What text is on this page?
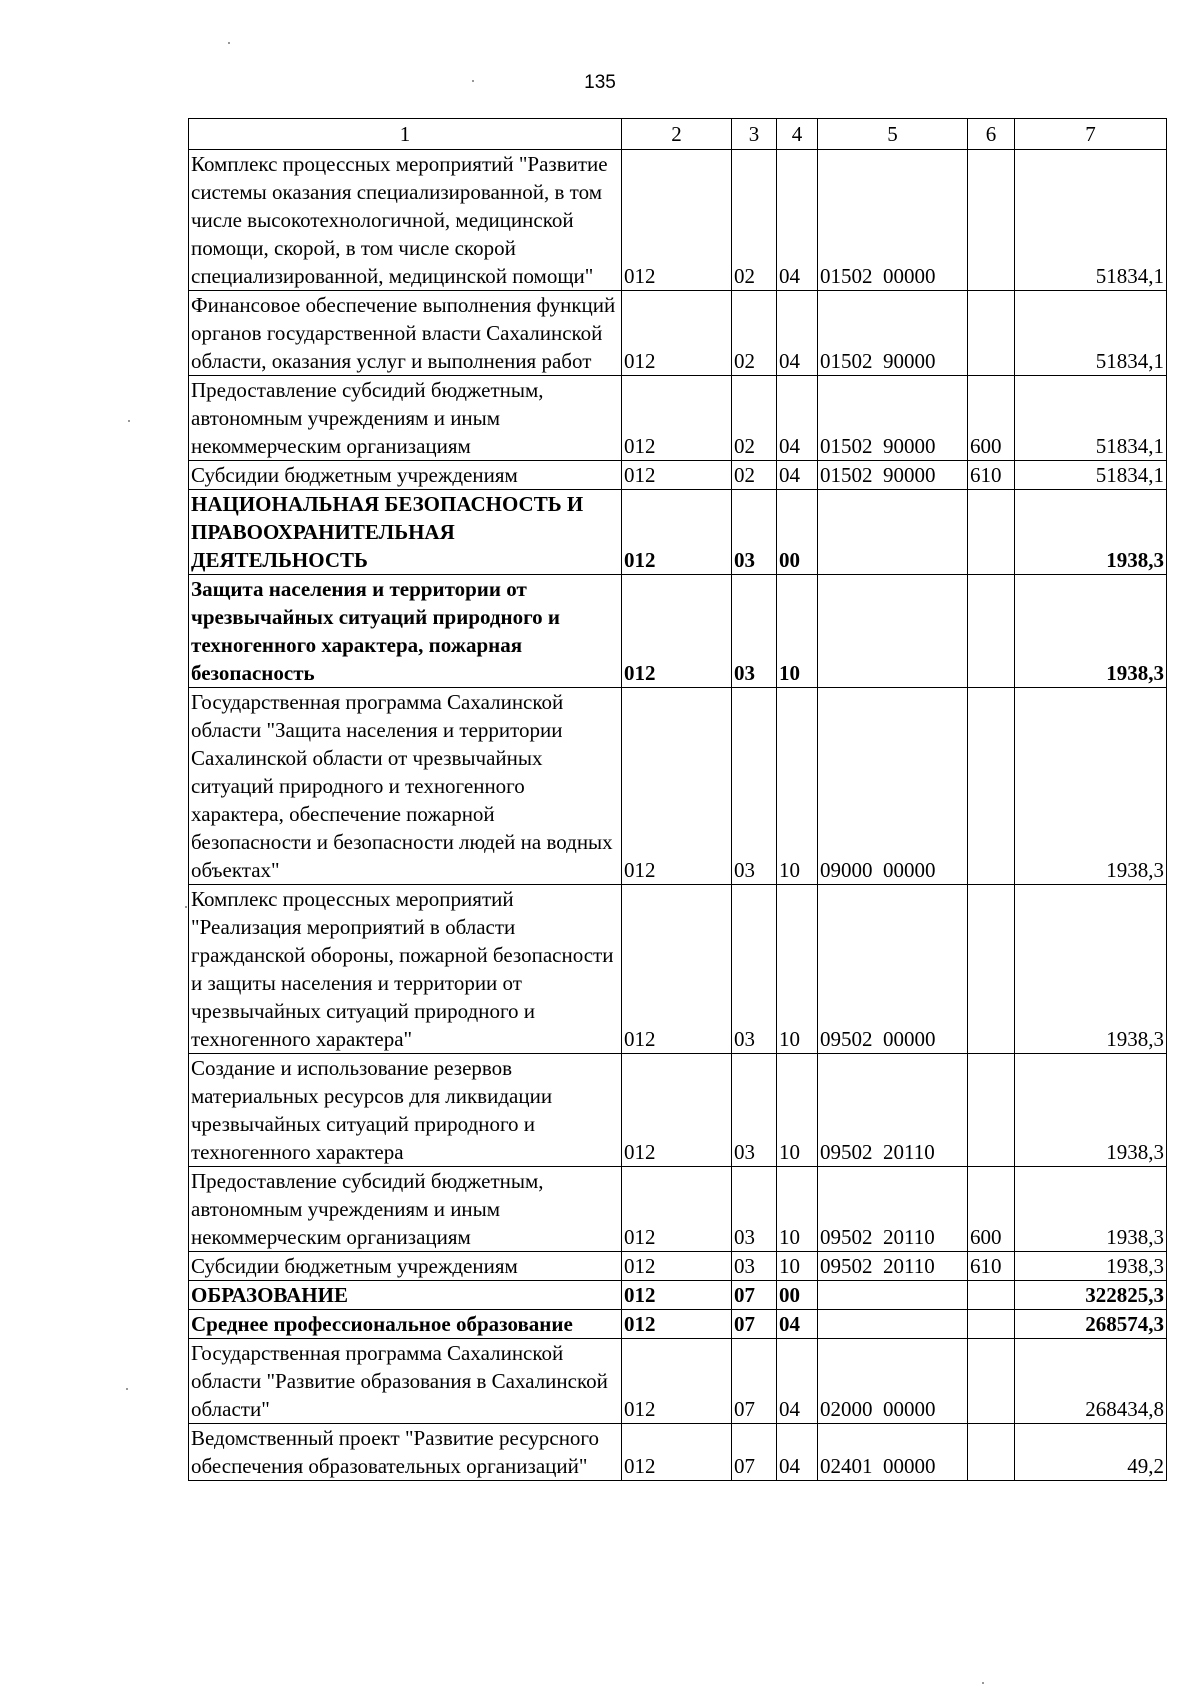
135
1	2	3	4	5	6	7
Комплекс процессных мероприятий "Развитие системы оказания специализированной, в том числе высокотехнологичной, медицинской помощи, скорой, в том числе скорой специализированной, медицинской помощи"	012	02	04	01502  00000		51834,1
Финансовое обеспечение выполнения функций органов государственной власти Сахалинской области, оказания услуг и выполнения работ	012	02	04	01502  90000		51834,1
Предоставление субсидий бюджетным, автономным учреждениям и иным некоммерческим организациям	012	02	04	01502  90000	600	51834,1
Субсидии бюджетным учреждениям	012	02	04	01502  90000	610	51834,1
НАЦИОНАЛЬНАЯ БЕЗОПАСНОСТЬ И ПРАВООХРАНИТЕЛЬНАЯ ДЕЯТЕЛЬНОСТЬ	012	03	00			1938,3
Защита населения и территории от чрезвычайных ситуаций природного и техногенного характера, пожарная безопасность	012	03	10			1938,3
Государственная программа Сахалинской области "Защита населения и территории Сахалинской области от чрезвычайных ситуаций природного и техногенного характера, обеспечение пожарной безопасности и безопасности людей на водных объектах"	012	03	10	09000  00000		1938,3
Комплекс процессных мероприятий "Реализация мероприятий в области гражданской обороны, пожарной безопасности и защиты населения и территории от чрезвычайных ситуаций природного и техногенного характера"	012	03	10	09502  00000		1938,3
Создание и использование резервов материальных ресурсов для ликвидации чрезвычайных ситуаций природного и техногенного характера	012	03	10	09502  20110		1938,3
Предоставление субсидий бюджетным, автономным учреждениям и иным некоммерческим организациям	012	03	10	09502  20110	600	1938,3
Субсидии бюджетным учреждениям	012	03	10	09502  20110	610	1938,3
ОБРАЗОВАНИЕ	012	07	00			322825,3
Среднее профессиональное образование	012	07	04			268574,3
Государственная программа Сахалинской области "Развитие образования в Сахалинской области"	012	07	04	02000  00000		268434,8
Ведомственный проект "Развитие ресурсного обеспечения образовательных организаций"	012	07	04	02401  00000		49,2
